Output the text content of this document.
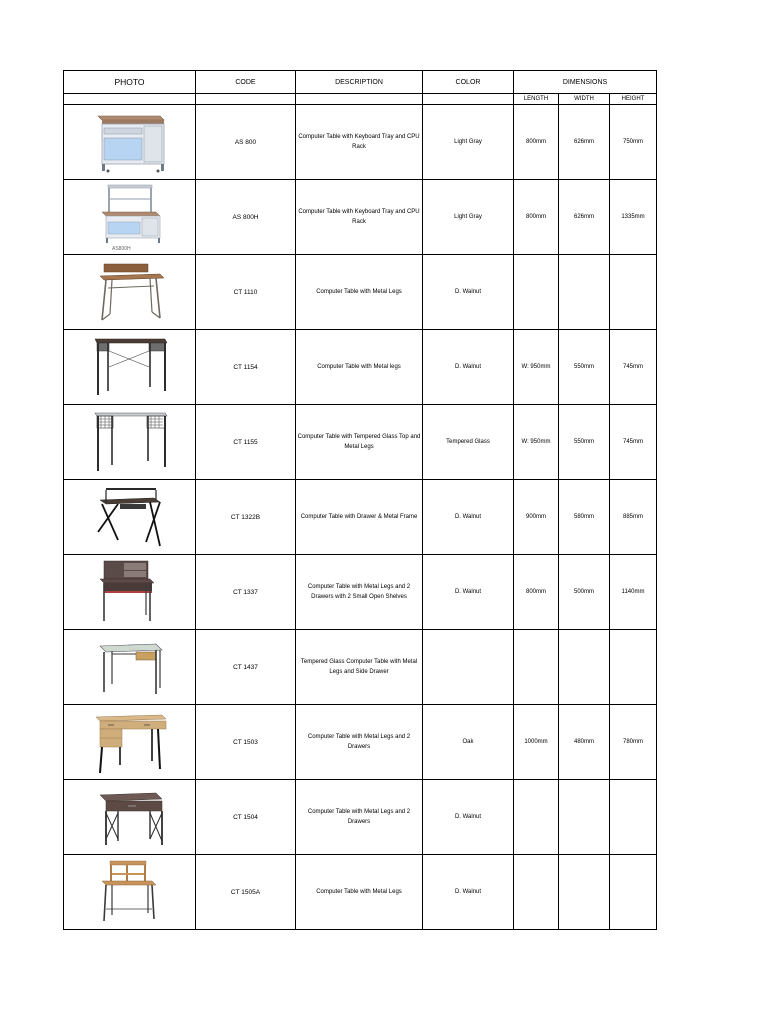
PHOTO	CODE	DESCRIPTION	COLOR	DIMENSIONS		
				LENGTH	WIDTH	HEIGHT

	AS 800	Computer Table with Keyboard Tray and CPU Rack	Light Gray	800mm	626mm	750mm

AS800H	AS 800H	Computer Table with Keyboard Tray and CPU Rack	Light Gray	800mm	626mm	1335mm

	CT 1110	Computer Table with Metal Legs	D. Walnut			

	CT 1154	Computer Table with Metal legs	D. Walnut	W: 950mm	550mm	745mm

	CT 1155	Computer Table with Tempered Glass Top and Metal Legs	Tempered Glass	W: 950mm	550mm	745mm

	CT 1322B	Computer Table with Drawer & Metal Frame	D. Walnut	900mm	580mm	885mm

	CT 1337	Computer Table with Metal Legs and 2 Drawers with 2 Small Open Shelves	D. Walnut	800mm	500mm	1140mm

	CT 1437	Tempered Glass Computer Table with Metal Legs and Side Drawer				

	CT 1503	Computer Table with Metal Legs and 2 Drawers	Oak	1000mm	480mm	780mm

	CT 1504	Computer Table with Metal Legs and 2 Drawers	D. Walnut			

	CT 1505A	Computer Table with Metal Legs	D. Walnut			
